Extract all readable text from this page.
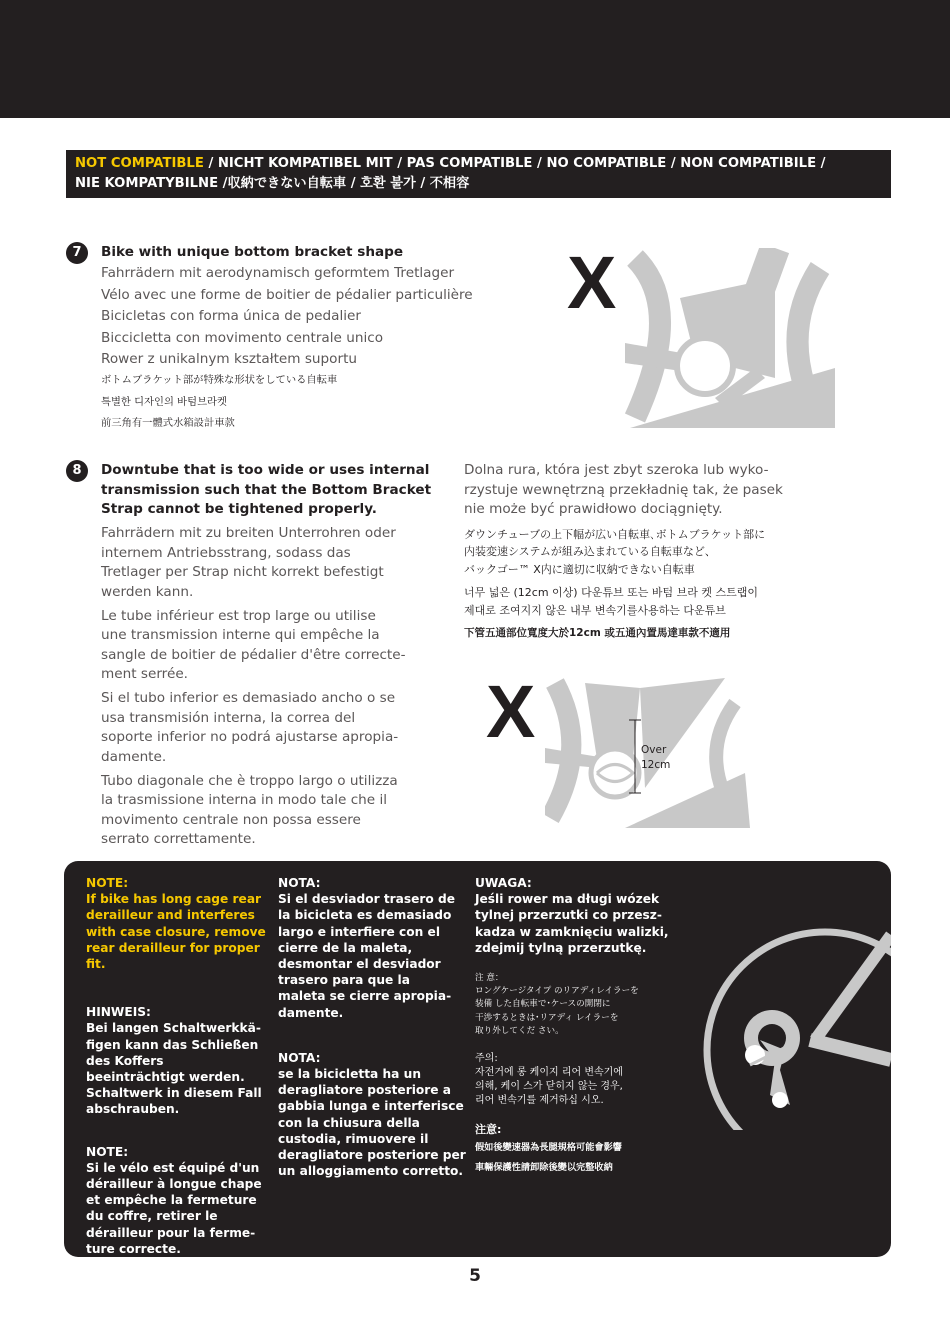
NOT COMPATIBLE / NICHT KOMPATIBEL MIT / PAS COMPATIBLE / NO COMPATIBLE / NON COMPATIBILE /
NIE KOMPATYBILNE /収納できない自転車 / 호환 불가 / 不相容
7	Bike with unique bottom bracket shape
Fahrrädern mit aerodynamisch geformtem Tretlager
Vélo avec une forme de boitier de pédalier particulière
Bicicletas con forma única de pedalier
Bicciclettа con movimento centrale unico
Rower z unikalnym kształtem suportu
ボトムブラケット部が特殊な形状をしている自転車
특별한 디자인의 바텀브라켓
前三角有一體式水箱設計車款
X
8	Downtube that is too wide or uses internal
transmission such that the Bottom Bracket
Strap cannot be tightened properly.
Fahrrädern mit zu breiten Unterrohren oder
internem Antriebsstrang, sodass das
Tretlager per Strap nicht korrekt befestigt
werden kann.
Le tube inférieur est trop large ou utilise
une transmission interne qui empêche la
sangle de boitier de pédalier d'être correcte-
ment serrée.
Si el tubo inferior es demasiado ancho o se
usa transmisión interna, la correa del
soporte inferior no podrá ajustarse apropia-
damente.
Tubo diagonale che è troppo largo o utilizza
la trasmissione interna in modo tale che il
movimento centrale non possa essere
serrato correttamente.
Dolna rura, która jest zbyt szeroka lub wyko-
rzystuje wewnętrzną przekładnię tak, że pasek
nie może być prawidłowo dociągnięty.
ダウンチューブの上下幅が広い自転車､ボトムブラケット部に
内装変速システムが組み込まれている自転車など、
バックゴー™ X内に適切に収納できない自転車
너무 넓은 (12cm 이상) 다운튜브 또는 바텀 브라 켓 스트랩이
제대로 조여지지 않은 내부 변속기를사용하는 다운튜브
下管五通部位寬度大於12cm 或五通內置馬達車款不適用
X	Over
12cm
NOTE:
If bike has long cage rear
derailleur and interferes
with case closure, remove
rear derailleur for proper fit.
HINWEIS:
Bei langen Schaltwerkkä-
figen kann das Schließen
des Koffers
beeinträchtigt werden.
Schaltwerk in diesem Fall
abschrauben.
NOTE:
Si le vélo est équipé d'un
dérailleur à longue chape
et empêche la fermeture
du coffre, retirer le
dérailleur pour la ferme-
ture correcte.
NOTA:
Si el desviador trasero de
la bicicleta es demasiado
largo e interfiere con el
cierre de la maleta,
desmontar el desviador
trasero para que la
maleta se cierre apropia-
damente.
NOTA:
se la bicicletta ha un
deragliatore posteriore a
gabbia lunga e interferisce
con la chiusura della
custodia, rimuovere il
deragliatore posteriore per
un alloggiamento corretto.
UWAGA:
Jeśli rower ma długi wózek
tylnej przerzutki co przesz-
kadza w zamknięciu walizki,
zdejmij tylną przerzutkę.
注 意：
ロングケージタイプ のリアディレイラーを
装備 した自転車で･ケースの開閉に
干渉するときは･リアディ レイラーを
取り外してくだ さい。
주의:
자전거에 롱 케이지 리어 변속기에
의해, 케이 스가 닫히지 않는 경우,
리어 변속기를 제거하십 시오.
注意:
假如後變速器為長腿規格可能會影響
車輛保護性請卸除後變以完整收納
5
